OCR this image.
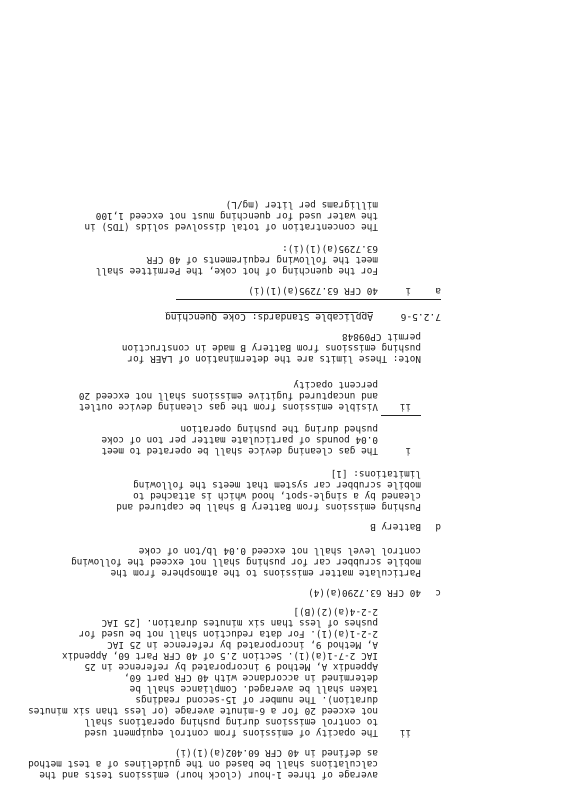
average of three 1-hour (clock hour) emissions tests and the
calculations shall be based on the guidelines of a test method
as defined in 40 CFR 60.402(a)(1)(i)
ii
The opacity of emissions from control equipment used
to control emissions during pushing operations shall
not exceed 20 for a 6-minute average (or less than six minutes
duration). The number of 15-second readings
taken shall be averaged. Compliance shall be
determined in accordance with 40 CFR part 60,
Appendix A, Method 9 incorporated by reference in 25
IAC 2-7-1(a)(1). Section 2.5 of 40 CFR Part 60, Appendix
A, Method 9, incorporated by reference in 25 IAC
2-2-1(a)(1). For data reduction shall not be used for
pushes of less than six minutes duration. [25 IAC
2-2-4(a)(2)(B)]
c
40 CFR 63.7290(a)(4)
Particulate matter emissions to the atmosphere from the
mobile scrubber car for pushing shall not exceed the following
control level shall not exceed 0.04 lb/ton of coke
d
Battery B
Pushing emissions from Battery B shall be captured and
cleaned by a single-spot, hood which is attached to
mobile scrubber car system that meets the following
limitations: [1]
i
The gas cleaning device shall be operated to meet
0.04 pounds of particulate matter per ton of coke
pushed during the pushing operation
ii
Visible emissions from the gas cleaning device outlet
and uncaptured fugitive emissions shall not exceed 20
percent opacity
Note: These limits are the determination of LAER for
pushing emissions from Battery B made in construction
permit CP09848
7.2.5-6
Applicable Standards: Coke Quenching
a
i
40 CFR 63.7295(a)(1)(i)
For the quenching of hot coke, the Permittee shall
meet the following requirements of 40 CFR
63.7295(a)(1)(i):
The concentration of total dissolved solids (TDS) in
the water used for quenching must not exceed 1,100
milligrams per liter (mg/L)
